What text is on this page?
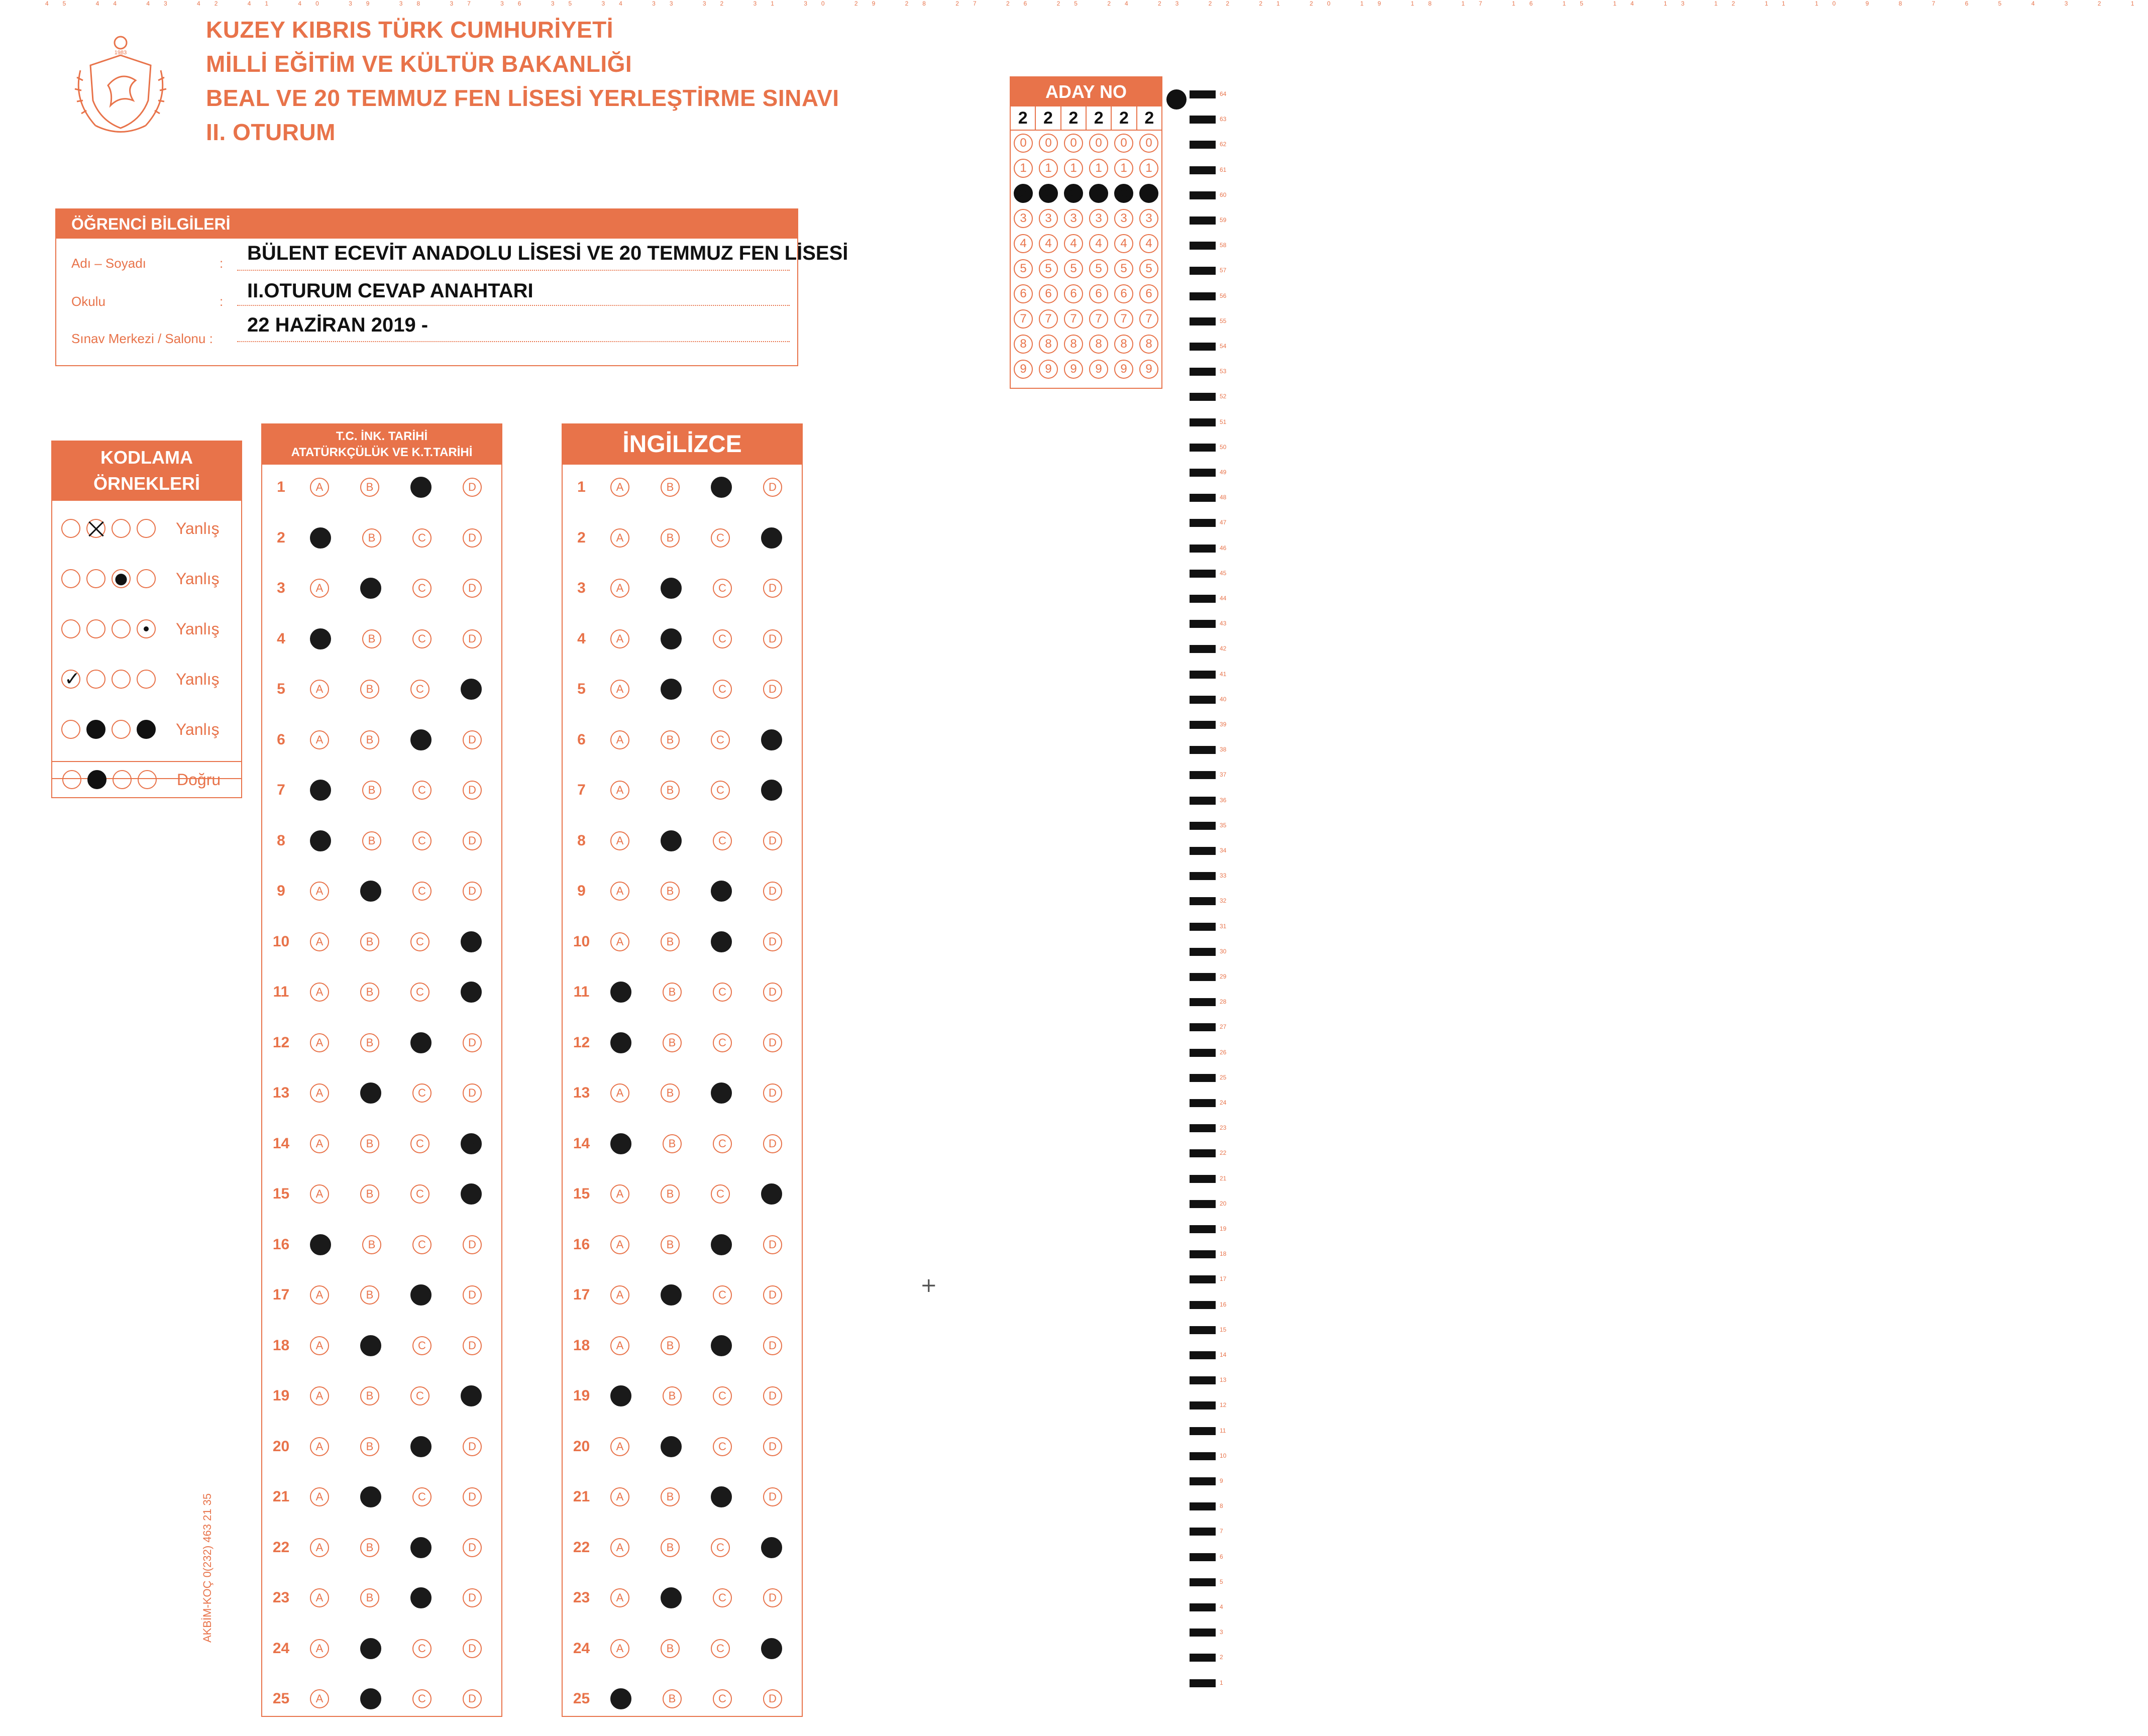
45 44 43 42 41 40 39 38 37 36 35 34 33 32 31 30 29 28 27 26 25 24 23 22 21 20 19 18 17 16 15 14 13 12 11 10 9 8 7 6 5 4 3 2 1
1983
KUZEY KIBRIS TÜRK CUMHURİYETİ
MİLLİ EĞİTİM VE KÜLTÜR BAKANLIĞI
BEAL VE 20 TEMMUZ FEN LİSESİ YERLEŞTİRME SINAVI
II. OTURUM
ÖĞRENCİ BİLGİLERİ
Adı – Soyadı	: BÜLENT ECEVİT ANADOLU LİSESİ VE 20 TEMMUZ FEN LİSESİ
Okulu	: II.OTURUM CEVAP ANAHTARI
Sınav Merkezi / Salonu :
22 HAZİRAN 2019 -
ADAY NO
2 2 2 2 2 2
0	0	0	0	0	0
1	1	1	1	1	1
2	2	2	2	2	2
3	3	3	3	3	3
4	4	4	4	4	4
5	5	5	5	5	5
6	6	6	6	6	6
7	7	7	7	7	7
8	8	8	8	8	8
9	9	9	9	9	9
KODLAMA
ÖRNEKLERİ
Yanlış
Yanlış
Yanlış
✓
Yanlış
Yanlış
Doğru
T.C. İNK. TARİHİ
ATATÜRKÇÜLÜK VE K.T.TARİHİ
1	A	B	C	D
2	A	B	C	D
3	A	B	C	D
4	A	B	C	D
5	A	B	C	D
6	A	B	C	D
7	A	B	C	D
8	A	B	C	D
9	A	B	C	D
10	A	B	C	D
11	A	B	C	D
12	A	B	C	D
13	A	B	C	D
14	A	B	C	D
15	A	B	C	D
16	A	B	C	D
17	A	B	C	D
18	A	B	C	D
19	A	B	C	D
20	A	B	C	D
21	A	B	C	D
22	A	B	C	D
23	A	B	C	D
24	A	B	C	D
25	A	B	C	D
İNGİLİZCE
1	A	B	C	D
2	A	B	C	D
3	A	B	C	D
4	A	B	C	D
5	A	B	C	D
6	A	B	C	D
7	A	B	C	D
8	A	B	C	D
9	A	B	C	D
10	A	B	C	D
11	A	B	C	D
12	A	B	C	D
13	A	B	C	D
14	A	B	C	D
15	A	B	C	D
16	A	B	C	D
17	A	B	C	D
18	A	B	C	D
19	A	B	C	D
20	A	B	C	D
21	A	B	C	D
22	A	B	C	D
23	A	B	C	D
24	A	B	C	D
25	A	B	C	D
64
63
62
61
60
59
58
57
56
55
54
53
52
51
50
49
48
47
46
45
44
43
42
41
40
39
38
37
36
35
34
33
32
31
30
29
28
27
26
25
24
23
22
21
20
19
18
17
16
15
14
13
12
11
10
9
8
7
6
5
4
3
2
1
AKBİM-KOÇ 0(232) 463 21 35
+
